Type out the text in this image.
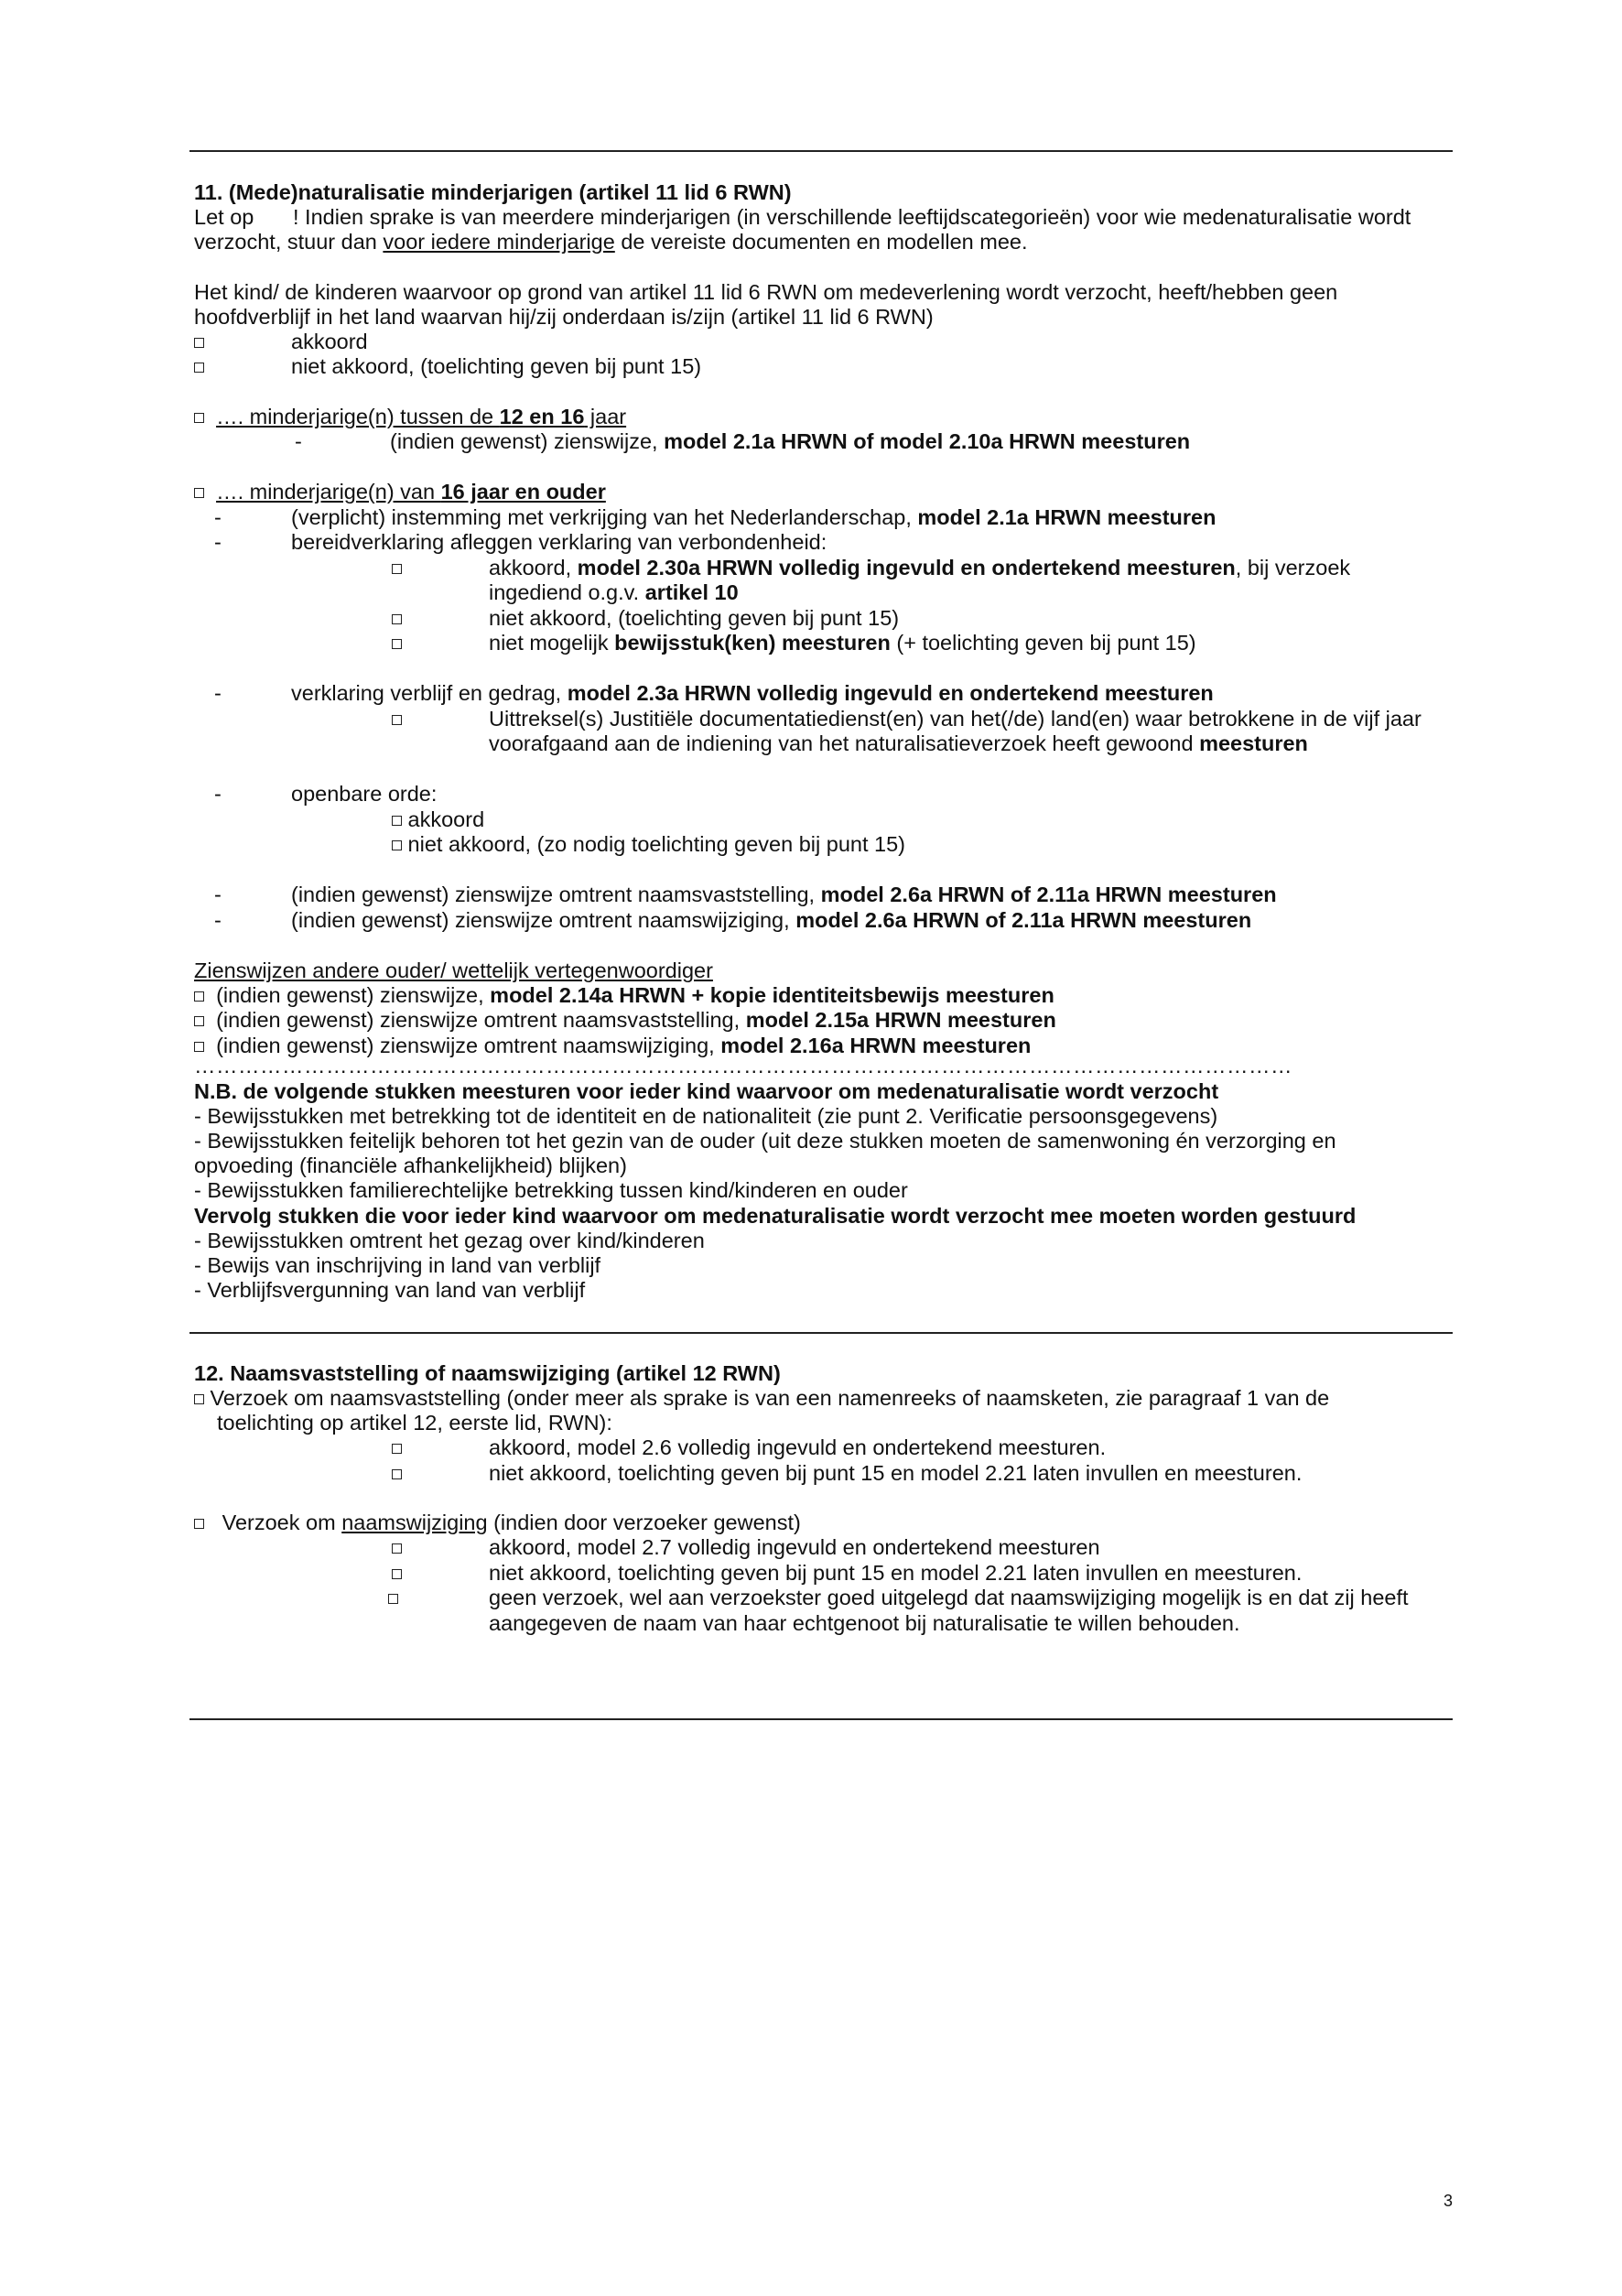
11. (Mede)naturalisatie minderjarigen (artikel 11 lid 6 RWN)
Let op ! Indien sprake is van meerdere minderjarigen (in verschillende leeftijdscategorieën) voor wie medenaturalisatie wordt
verzocht, stuur dan voor iedere minderjarige de vereiste documenten en modellen mee.
Het kind/ de kinderen waarvoor op grond van artikel 11 lid 6 RWN om medeverlening wordt verzocht, heeft/hebben geen
hoofdverblijf in het land waarvan hij/zij onderdaan is/zijn (artikel 11 lid 6 RWN)
akkoord
niet akkoord, (toelichting geven bij punt 15)
…. minderjarige(n) tussen de 12 en 16 jaar
-	(indien gewenst) zienswijze, model 2.1a HRWN of model 2.10a HRWN meesturen
…. minderjarige(n) van 16 jaar en ouder
-	(verplicht) instemming met verkrijging van het Nederlanderschap, model 2.1a HRWN meesturen
-	bereidverklaring afleggen verklaring van verbondenheid:
akkoord, model 2.30a HRWN volledig ingevuld en ondertekend meesturen, bij verzoek
ingediend o.g.v. artikel 10
niet akkoord, (toelichting geven bij punt 15)
niet mogelijk bewijsstuk(ken) meesturen (+ toelichting geven bij punt 15)
-	verklaring verblijf en gedrag, model 2.3a HRWN volledig ingevuld en ondertekend meesturen
Uittreksel(s) Justitiële documentatiedienst(en) van het(/de) land(en) waar betrokkene in de vijf jaar
voorafgaand aan de indiening van het naturalisatieverzoek heeft gewoond meesturen
-	openbare orde:
akkoord
niet akkoord, (zo nodig toelichting geven bij punt 15)
-	(indien gewenst) zienswijze omtrent naamsvaststelling, model 2.6a HRWN of 2.11a HRWN meesturen
-	(indien gewenst) zienswijze omtrent naamswijziging, model 2.6a HRWN of 2.11a HRWN meesturen
Zienswijzen andere ouder/ wettelijk vertegenwoordiger
(indien gewenst) zienswijze, model 2.14a HRWN + kopie identiteitsbewijs meesturen
(indien gewenst) zienswijze omtrent naamsvaststelling, model 2.15a HRWN meesturen
(indien gewenst) zienswijze omtrent naamswijziging, model 2.16a HRWN meesturen
……………………………………………………………………………………………………………………………………
N.B. de volgende stukken meesturen voor ieder kind waarvoor om medenaturalisatie wordt verzocht
- Bewijsstukken met betrekking tot de identiteit en de nationaliteit (zie punt 2. Verificatie persoonsgegevens)
- Bewijsstukken feitelijk behoren tot het gezin van de ouder (uit deze stukken moeten de samenwoning én verzorging en
opvoeding (financiële afhankelijkheid) blijken)
- Bewijsstukken familierechtelijke betrekking tussen kind/kinderen en ouder
Vervolg stukken die voor ieder kind waarvoor om medenaturalisatie wordt verzocht mee moeten worden gestuurd
- Bewijsstukken omtrent het gezag over kind/kinderen
- Bewijs van inschrijving in land van verblijf
- Verblijfsvergunning van land van verblijf
12. Naamsvaststelling of naamswijziging (artikel 12 RWN)
Verzoek om naamsvaststelling (onder meer als sprake is van een namenreeks of naamsketen, zie paragraaf 1 van de
toelichting op artikel 12, eerste lid, RWN):
akkoord, model 2.6 volledig ingevuld en ondertekend meesturen.
niet akkoord, toelichting geven bij punt 15 en model 2.21 laten invullen en meesturen.
Verzoek om naamswijziging (indien door verzoeker gewenst)
akkoord, model 2.7 volledig ingevuld en ondertekend meesturen
niet akkoord, toelichting geven bij punt 15 en model 2.21 laten invullen en meesturen.
geen verzoek, wel aan verzoekster goed uitgelegd dat naamswijziging mogelijk is en dat zij heeft
aangegeven de naam van haar echtgenoot bij naturalisatie te willen behouden.
3
